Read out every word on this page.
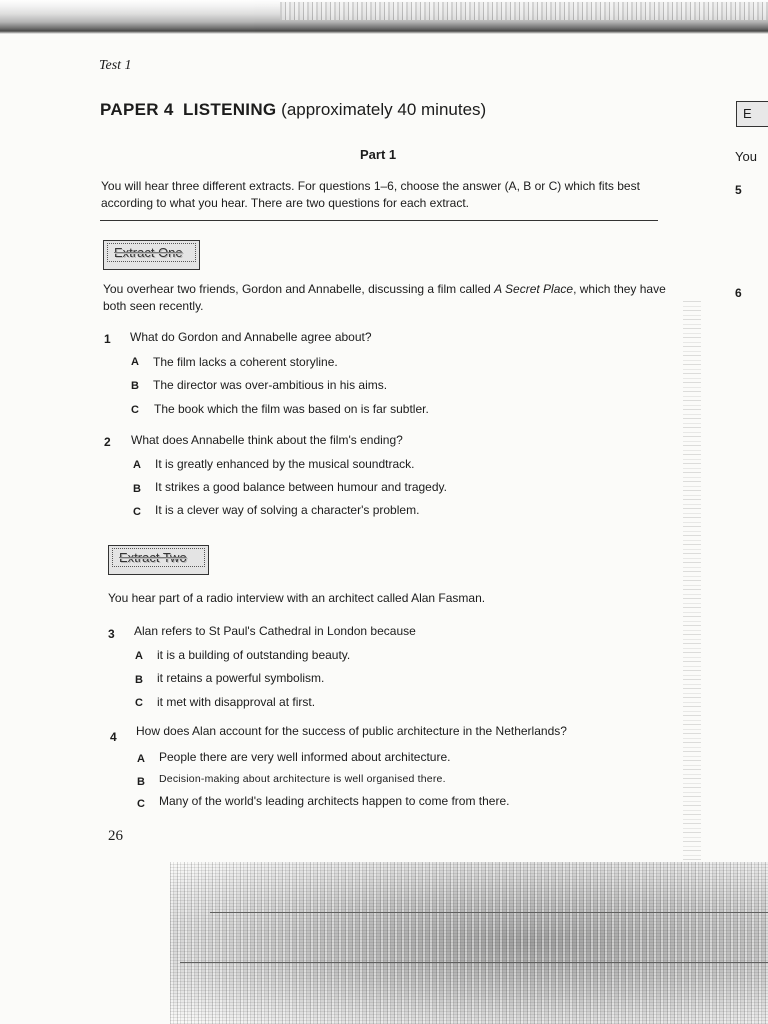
Test 1
PAPER 4 LISTENING (approximately 40 minutes)
Part 1
You will hear three different extracts. For questions 1–6, choose the answer (A, B or C) which fits best according to what you hear. There are two questions for each extract.
Extract One
You overhear two friends, Gordon and Annabelle, discussing a film called A Secret Place, which they have both seen recently.
1 What do Gordon and Annabelle agree about?
A The film lacks a coherent storyline.
B The director was over-ambitious in his aims.
C The book which the film was based on is far subtler.
2 What does Annabelle think about the film's ending?
A It is greatly enhanced by the musical soundtrack.
B It strikes a good balance between humour and tragedy.
C It is a clever way of solving a character's problem.
Extract Two
You hear part of a radio interview with an architect called Alan Fasman.
3 Alan refers to St Paul's Cathedral in London because
A it is a building of outstanding beauty.
B it retains a powerful symbolism.
C it met with disapproval at first.
4 How does Alan account for the success of public architecture in the Netherlands?
A People there are very well informed about architecture.
B Decision-making about architecture is well organised there.
C Many of the world's leading architects happen to come from there.
26
E
You
5
6
